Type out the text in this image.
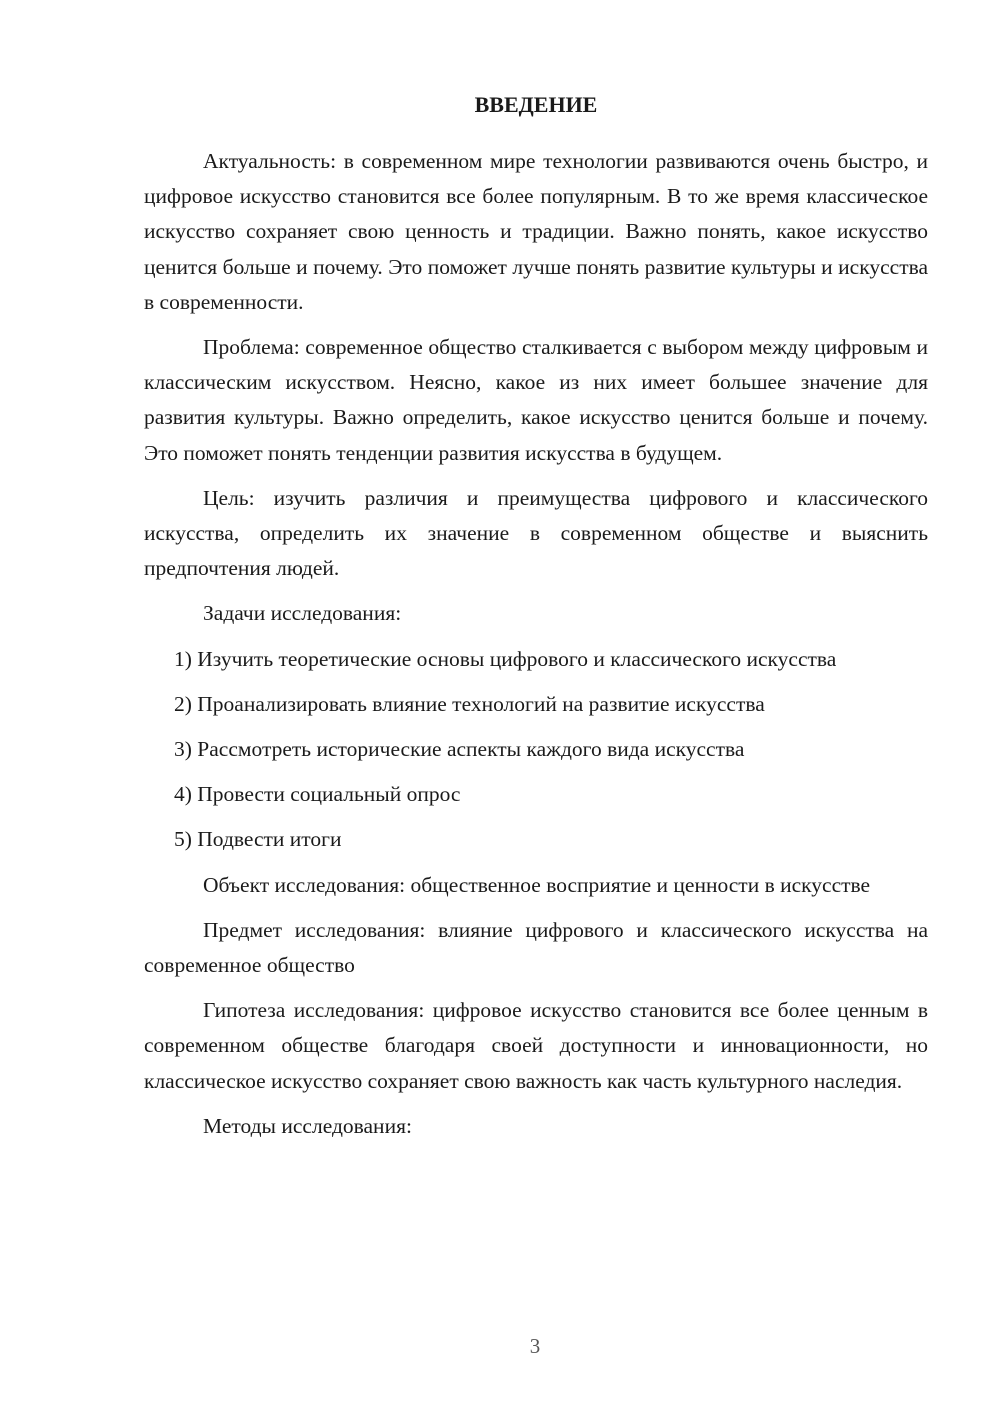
ВВЕДЕНИЕ

Актуальность: в современном мире технологии развиваются очень быстро, и цифровое искусство становится все более популярным. В то же время классическое искусство сохраняет свою ценность и традиции. Важно понять, какое искусство ценится больше и почему. Это поможет лучше понять развитие культуры и искусства в современности.

Проблема: современное общество сталкивается с выбором между цифровым и классическим искусством. Неясно, какое из них имеет большее значение для развития культуры. Важно определить, какое искусство ценится больше и почему. Это поможет понять тенденции развития искусства в будущем.

Цель: изучить различия и преимущества цифрового и классического искусства, определить их значение в современном обществе и выяснить предпочтения людей.

Задачи исследования:

1) Изучить теоретические основы цифрового и классического искусства

2) Проанализировать влияние технологий на развитие искусства

3) Рассмотреть исторические аспекты каждого вида искусства

4) Провести социальный опрос

5) Подвести итоги

Объект исследования: общественное восприятие и ценности в искусстве

Предмет исследования: влияние цифрового и классического искусства на современное общество

Гипотеза исследования: цифровое искусство становится все более ценным в современном обществе благодаря своей доступности и инновационности, но классическое искусство сохраняет свою важность как часть культурного наследия.

Методы исследования:

3
